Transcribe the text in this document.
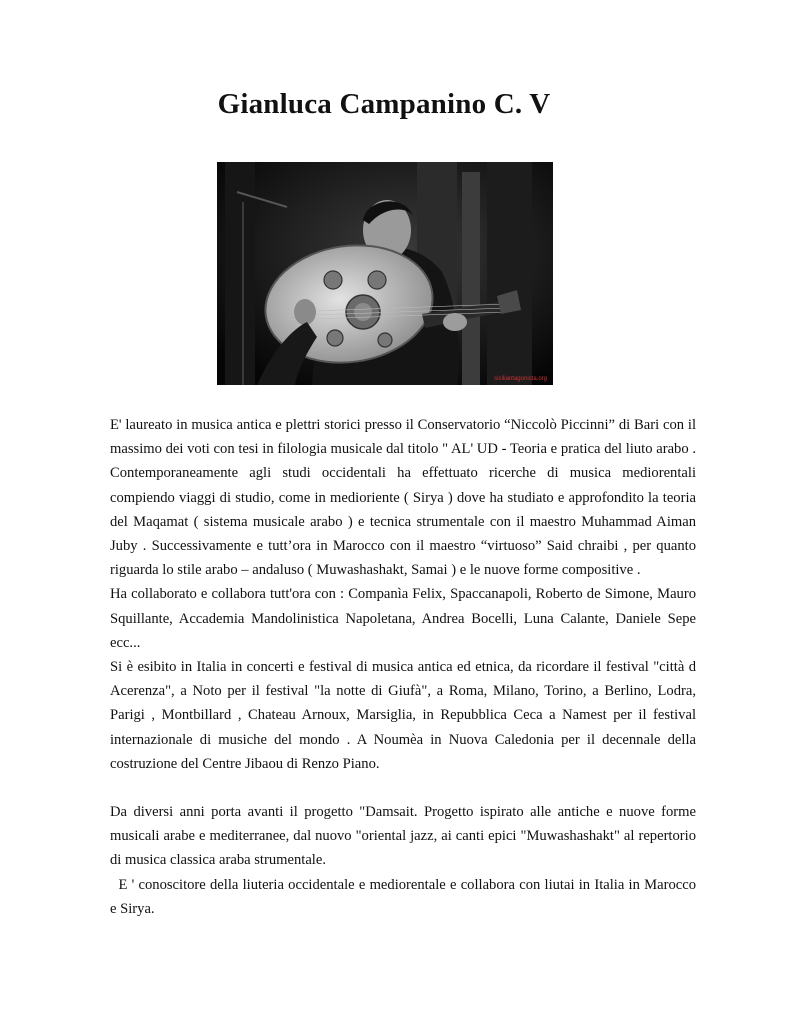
Gianluca Campanino C. V
siciliantagonista.org

E' laureato in musica antica e plettri storici presso il Conservatorio “Niccolò Piccinni” di Bari con il massimo dei voti con tesi in filologia musicale dal titolo " AL' UD - Teoria e pratica del liuto arabo . Contemporaneamente agli studi occidentali ha effettuato ricerche di musica mediorentali compiendo viaggi di studio, come in medioriente ( Sirya ) dove ha studiato e approfondito la teoria del Maqamat ( sistema musicale arabo ) e tecnica strumentale con il maestro Muhammad Aiman Juby . Successivamente e tutt’ora in Marocco con il maestro “virtuoso” Said chraibi , per quanto riguarda lo stile arabo – andaluso ( Muwashashakt, Samai ) e le nuove forme compositive .

Ha collaborato e collabora tutt'ora con : Companìa Felix, Spaccanapoli, Roberto de Simone, Mauro Squillante, Accademia Mandolinistica Napoletana, Andrea Bocelli, Luna Calante, Daniele Sepe ecc...

Si è esibito in Italia in concerti e festival di musica antica ed etnica, da ricordare il festival "città d Acerenza", a Noto per il festival "la notte di Giufà", a Roma, Milano, Torino, a Berlino, Lodra, Parigi , Montbillard , Chateau Arnoux, Marsiglia, in Repubblica Ceca a Namest per il festival internazionale di musiche del mondo . A Noumèa in Nuova Caledonia per il decennale della costruzione del Centre Jibaou di Renzo Piano.

Da diversi anni porta avanti il progetto "Damsait. Progetto ispirato alle antiche e nuove forme musicali arabe e mediterranee, dal nuovo "oriental jazz, ai canti epici "Muwashashakt" al repertorio di musica classica araba strumentale.

E ' conoscitore della liuteria occidentale e mediorentale e collabora con liutai in Italia in Marocco e Sirya.
